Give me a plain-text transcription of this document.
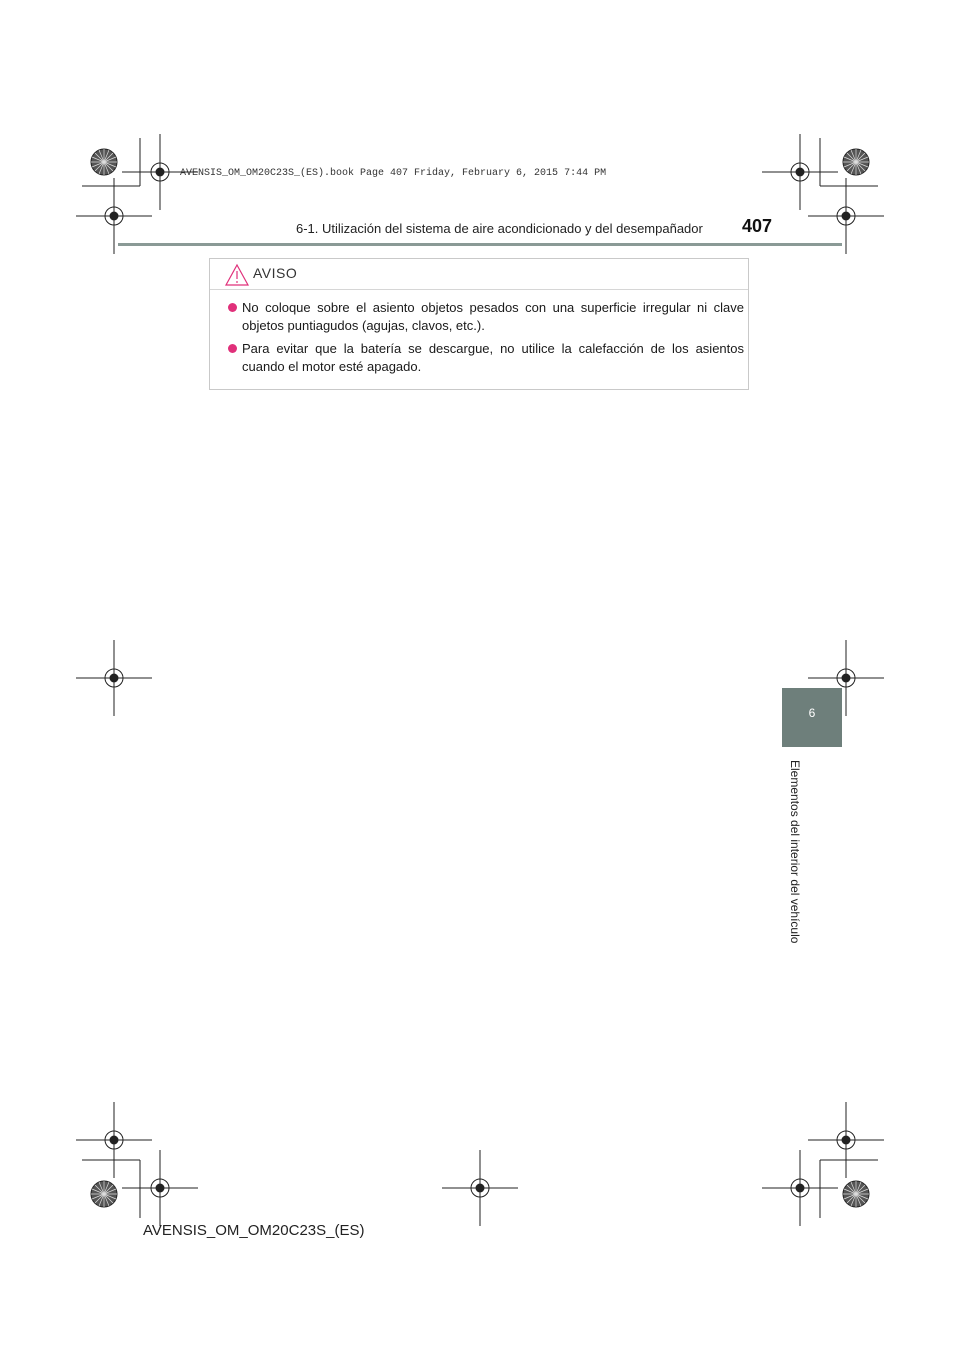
AVENSIS_OM_OM20C23S_(ES).book Page 407 Friday, February 6, 2015 7:44 PM
6-1. Utilización del sistema de aire acondicionado y del desempañador 407
AVISO
No coloque sobre el asiento objetos pesados con una superficie irregular ni clave objetos puntiagudos (agujas, clavos, etc.).
Para evitar que la batería se descargue, no utilice la calefacción de los asientos cuando el motor esté apagado.
6
Elementos del interior del vehículo
AVENSIS_OM_OM20C23S_(ES)
